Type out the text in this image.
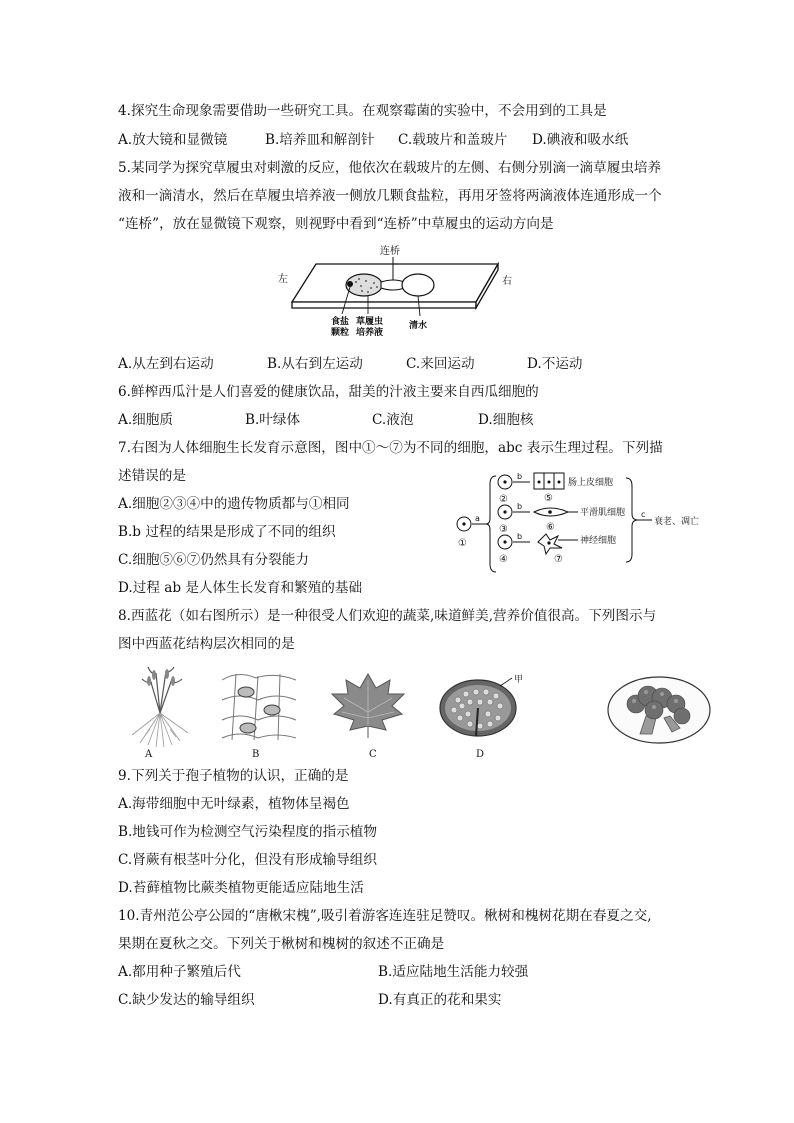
4.探究生命现象需要借助一些研究工具。在观察霉菌的实验中，不会用到的工具是
A.放大镜和显微镜	B.培养皿和解剖针 C.载玻片和盖玻片 D.碘液和吸水纸
5.某同学为探究草履虫对刺激的反应，他依次在载玻片的左侧、右侧分别滴一滴草履虫培养
液和一滴清水，然后在草履虫培养液一侧放几颗食盐粒，再用牙签将两滴液体连通形成一个
“连桥”，放在显微镜下观察，则视野中看到“连桥”中草履虫的运动方向是
连桥
左	右
食盐
颗粒
草履虫
培养液
清水
A.从左到右运动	B.从右到左运动	C.来回运动	D.不运动
6.鲜榨西瓜汁是人们喜爱的健康饮品，甜美的汁液主要来自西瓜细胞的
A.细胞质	B.叶绿体	C.液泡	D.细胞核
7.右图为人体细胞生长发育示意图，图中①～⑦为不同的细胞，abc 表示生理过程。下列描
述错误的是
A.细胞②③④中的遗传物质都与①相同
B.b 过程的结果是形成了不同的组织
C.细胞⑤⑥⑦仍然具有分裂能力
D.过程 ab 是人体生长发育和繁殖的基础
①
a
②
③
④
b
b
b
⑤
肠上皮细胞
⑥
平滑肌细胞
⑦
神经细胞
c
衰老、凋亡
8.西蓝花（如右图所示）是一种很受人们欢迎的蔬菜,味道鲜美,营养价值很高。下列图示与
图中西蓝花结构层次相同的是
A	B	C
甲
D
9.下列关于孢子植物的认识，正确的是
A.海带细胞中无叶绿素，植物体呈褐色
B.地钱可作为检测空气污染程度的指示植物
C.肾蕨有根茎叶分化，但没有形成输导组织
D.苔藓植物比蕨类植物更能适应陆地生活
10.青州范公亭公园的“唐楸宋槐”,吸引着游客连连驻足赞叹。楸树和槐树花期在春夏之交,
果期在夏秋之交。下列关于楸树和槐树的叙述不正确是
A.都用种子繁殖后代	B.适应陆地生活能力较强
C.缺少发达的输导组织	D.有真正的花和果实
